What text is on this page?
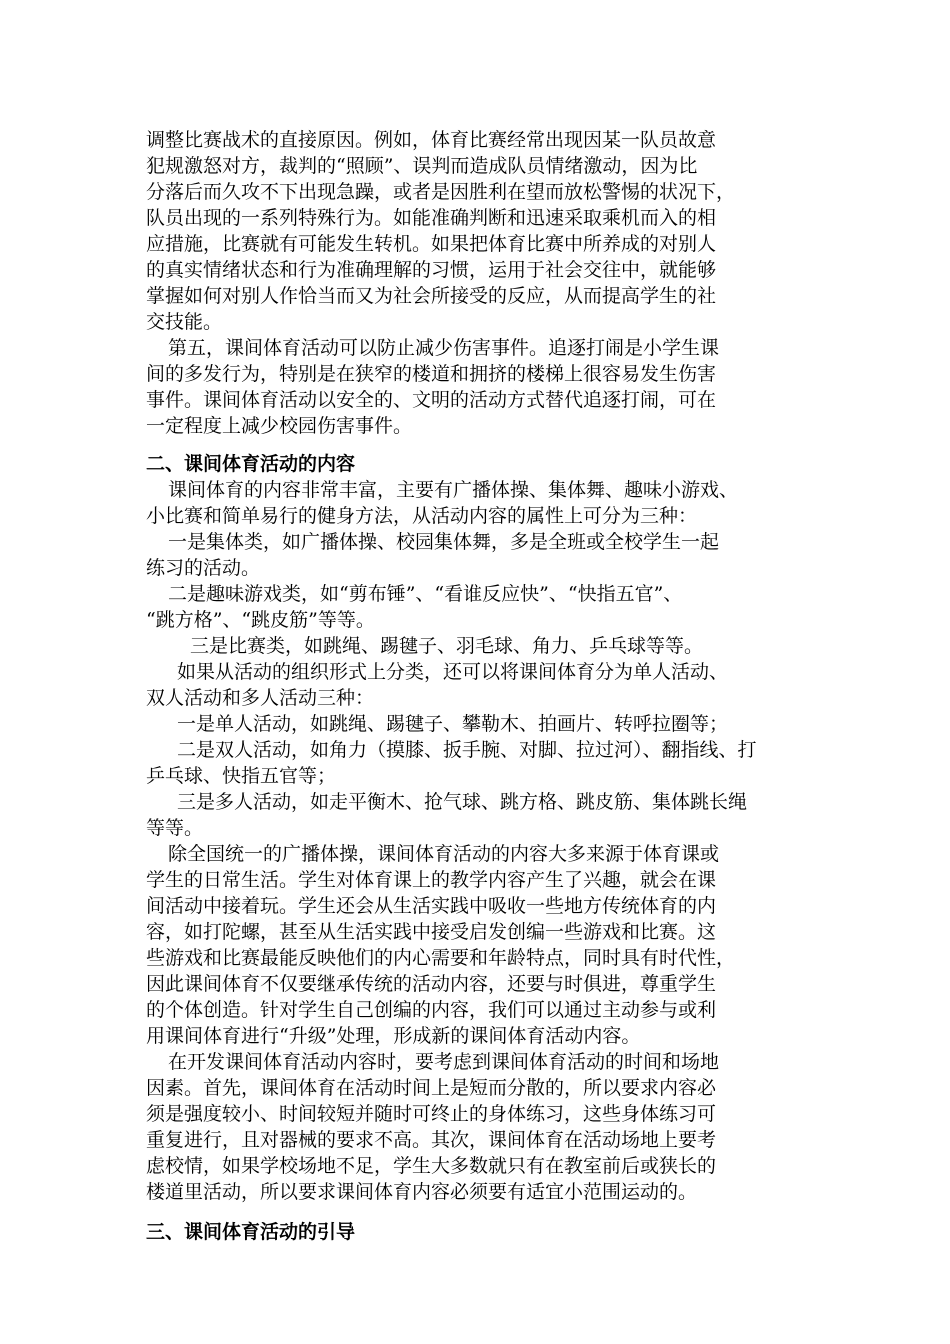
调整比赛战术的直接原因。例如，体育比赛经常出现因某一队员故意
犯规激怒对方，裁判的“照顾”、误判而造成队员情绪激动，因为比
分落后而久攻不下出现急躁，或者是因胜利在望而放松警惕的状况下，
队员出现的一系列特殊行为。如能准确判断和迅速采取乘机而入的相
应措施，比赛就有可能发生转机。如果把体育比赛中所养成的对别人
的真实情绪状态和行为准确理解的习惯，运用于社会交往中，就能够
掌握如何对别人作恰当而又为社会所接受的反应，从而提高学生的社
交技能。
第五，课间体育活动可以防止减少伤害事件。追逐打闹是小学生课
间的多发行为，特别是在狭窄的楼道和拥挤的楼梯上很容易发生伤害
事件。课间体育活动以安全的、文明的活动方式替代追逐打闹，可在
一定程度上减少校园伤害事件。
二、课间体育活动的内容
课间体育的内容非常丰富，主要有广播体操、集体舞、趣味小游戏、
小比赛和简单易行的健身方法，从活动内容的属性上可分为三种：
一是集体类，如广播体操、校园集体舞，多是全班或全校学生一起
练习的活动。
二是趣味游戏类，如“剪布锤”、“看谁反应快”、“快指五官”、
“跳方格”、“跳皮筋”等等。
三是比赛类，如跳绳、踢毽子、羽毛球、角力、乒乓球等等。
如果从活动的组织形式上分类，还可以将课间体育分为单人活动、
双人活动和多人活动三种：
一是单人活动，如跳绳、踢毽子、攀勒木、拍画片、转呼拉圈等；
二是双人活动，如角力（摸膝、扳手腕、对脚、拉过河）、翻指线、打
乒乓球、快指五官等；
三是多人活动，如走平衡木、抢气球、跳方格、跳皮筋、集体跳长绳
等等。
除全国统一的广播体操，课间体育活动的内容大多来源于体育课或
学生的日常生活。学生对体育课上的教学内容产生了兴趣，就会在课
间活动中接着玩。学生还会从生活实践中吸收一些地方传统体育的内
容，如打陀螺，甚至从生活实践中接受启发创编一些游戏和比赛。这
些游戏和比赛最能反映他们的内心需要和年龄特点，同时具有时代性，
因此课间体育不仅要继承传统的活动内容，还要与时俱进，尊重学生
的个体创造。针对学生自己创编的内容，我们可以通过主动参与或利
用课间体育进行“升级”处理，形成新的课间体育活动内容。
在开发课间体育活动内容时，要考虑到课间体育活动的时间和场地
因素。首先，课间体育在活动时间上是短而分散的，所以要求内容必
须是强度较小、时间较短并随时可终止的身体练习，这些身体练习可
重复进行，且对器械的要求不高。其次，课间体育在活动场地上要考
虑校情，如果学校场地不足，学生大多数就只有在教室前后或狭长的
楼道里活动，所以要求课间体育内容必须要有适宜小范围运动的。
三、课间体育活动的引导
